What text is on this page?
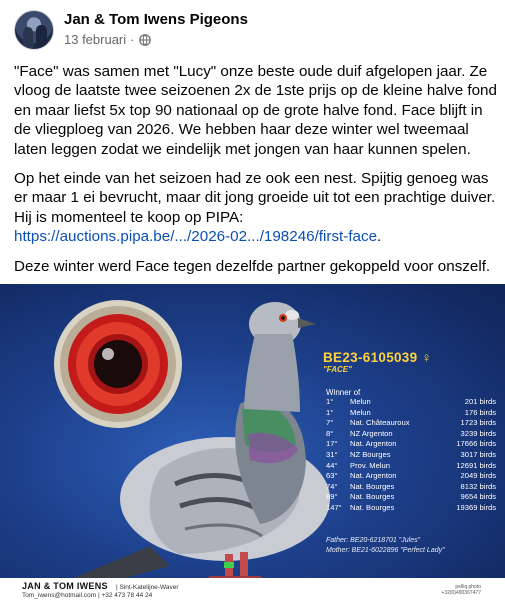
Jan & Tom Iwens Pigeons
13 februari ·

"Face" was samen met "Lucy" onze beste oude duif afgelopen jaar. Ze vloog de laatste twee seizoenen 2x de 1ste prijs op de kleine halve fond en maar liefst 5x top 90 nationaal op de grote halve fond. Face blijft in de vliegploeg van 2026. We hebben haar deze winter wel tweemaal laten leggen zodat we eindelijk met jongen van haar kunnen spelen.

Op het einde van het seizoen had ze ook een nest. Spijtig genoeg was er maar 1 ei bevrucht, maar dit jong groeide uit tot een prachtige duiver. Hij is momenteel te koop op PIPA:
https://auctions.pipa.be/.../2026-02.../198246/first-face.

Deze winter werd Face tegen dezelfde partner gekoppeld voor onszelf.

BE23-6105039 ♀
"FACE"
Winner of
1°	Melun	201 birds
1°	Melun	176 birds
7°	Nat. Châteauroux	1723 birds
8°	NZ Argenton	3239 birds
17°	Nat. Argenton	17666 birds
31°	NZ Bourges	3017 birds
44°	Prov. Melun	12691 birds
63°	Nat. Argenton	2049 birds
74°	Nat. Bourges	8132 birds
89°	Nat. Bourges	9654 birds
147°	Nat. Bourges	19369 birds
Father: BE20-6218701 "Jules"
Mother: BE21-6022896 "Perfect Lady"
JAN & TOM IWENS | Sint-Katelijne-Waver
Tom_iwens@hotmail.com | +32 473 78 44 24
pelliq.photo
+32(0)490367477
